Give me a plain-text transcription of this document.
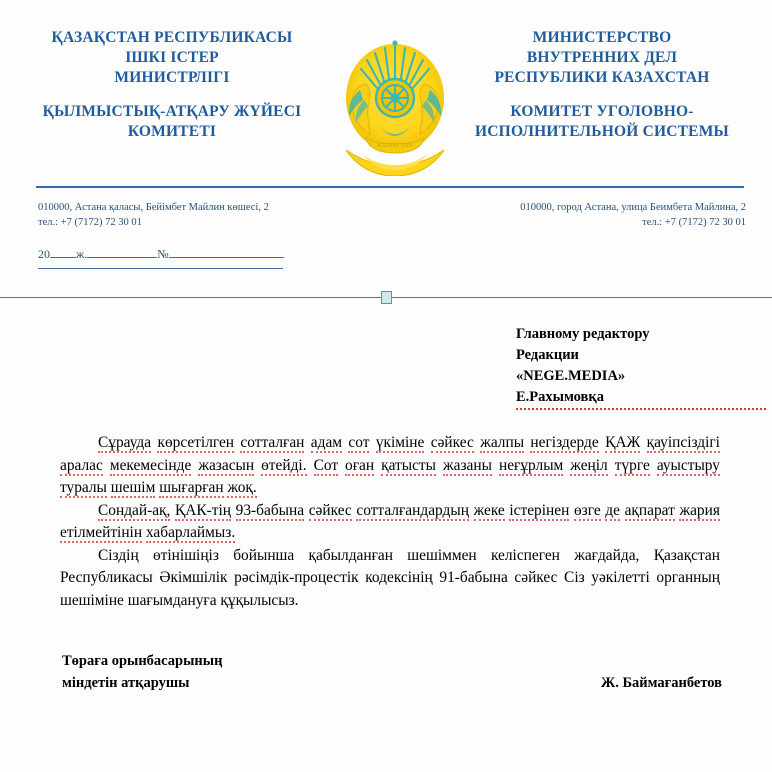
ҚАЗАҚСТАН РЕСПУБЛИКАСЫ
ІШКІ ІСТЕР
МИНИСТРЛІГІ
ҚЫЛМЫСТЫҚ-АТҚАРУ ЖҮЙЕСІ
КОМИТЕТІ
МИНИСТЕРСТВО
ВНУТРЕННИХ ДЕЛ
РЕСПУБЛИКИ КАЗАХСТАН
КОМИТЕТ УГОЛОВНО-
ИСПОЛНИТЕЛЬНОЙ СИСТЕМЫ
ҚАЗАҚСТАН
010000, Астана қаласы, Бейімбет Майлин көшесі, 2
тел.: +7 (7172) 72 30 01
010000, город Астана, улица Беимбета Майлина, 2
тел.: +7 (7172) 72 30 01
20 ж.	№
Главному редактору
Редакции
«NEGE.MEDIA»
Е.Рахымовқа

Сұрауда көрсетілген сотталған адам сот үкіміне сәйкес жалпы негіздерде ҚАЖ қауіпсіздігі аралас мекемесінде жазасын өтейді. Сот оған қатысты жазаны неғұрлым жеңіл түрге ауыстыру туралы шешім шығарған жоқ.

Сондай-ақ, ҚАК-тің 93-бабына сәйкес сотталғандардың жеке істерінен өзге де ақпарат жария етілмейтінін хабарлаймыз.

Сіздің өтінішіңіз бойынша қабылданған шешіммен келіспеген жағдайда, Қазақстан Республикасы Әкімшілік рәсімдік-процестік кодексінің 91-бабына сәйкес Сіз уәкілетті органның шешіміне шағымдануға құқылысыз.

Төраға орынбасарының
міндетін атқарушы	Ж. Баймағанбетов
